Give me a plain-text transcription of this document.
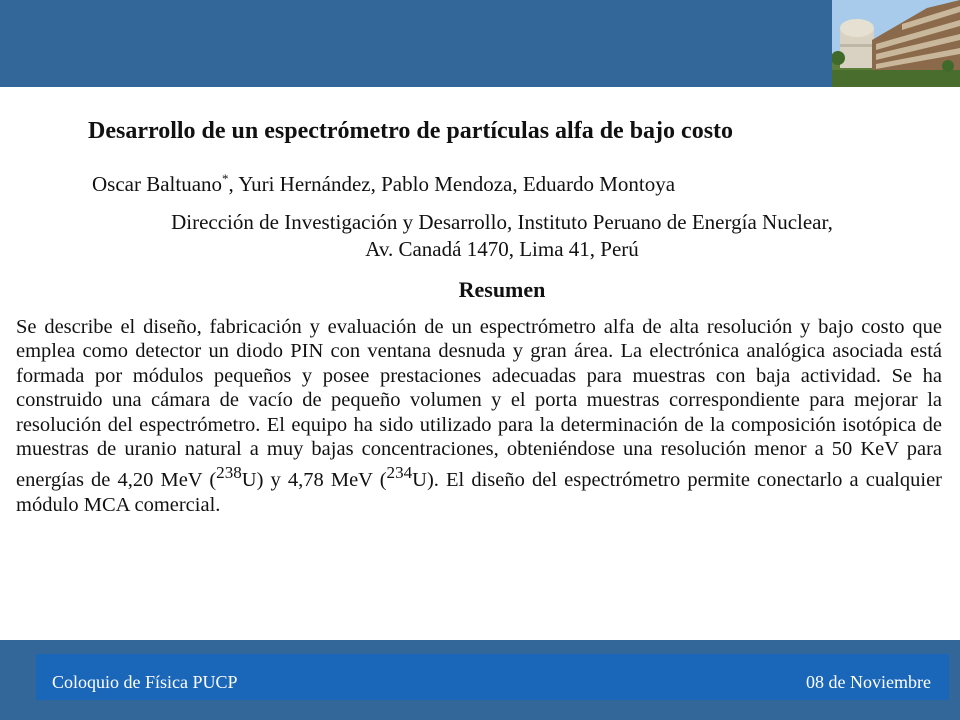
Desarrollo de un espectrómetro de partículas alfa de bajo costo
Oscar Baltuano*, Yuri Hernández, Pablo Mendoza, Eduardo Montoya
Dirección de Investigación y Desarrollo, Instituto Peruano de Energía Nuclear,
Av. Canadá 1470, Lima 41, Perú
Resumen
Se describe el diseño, fabricación y evaluación de un espectrómetro alfa de alta resolución y bajo costo que emplea como detector un diodo PIN con ventana desnuda y gran área. La electrónica analógica asociada está formada por módulos pequeños y posee prestaciones adecuadas para muestras con baja actividad. Se ha construido una cámara de vacío de pequeño volumen y el porta muestras correspondiente para mejorar la resolución del espectrómetro. El equipo ha sido utilizado para la determinación de la composición isotópica de muestras de uranio natural a muy bajas concentraciones, obteniéndose una resolución menor a 50 KeV para energías de 4,20 MeV ($^{238}$U) y 4,78 MeV ($^{234}$U). El diseño del espectrómetro permite conectarlo a cualquier módulo MCA comercial.
Coloquio de Física PUCP	08 de Noviembre
